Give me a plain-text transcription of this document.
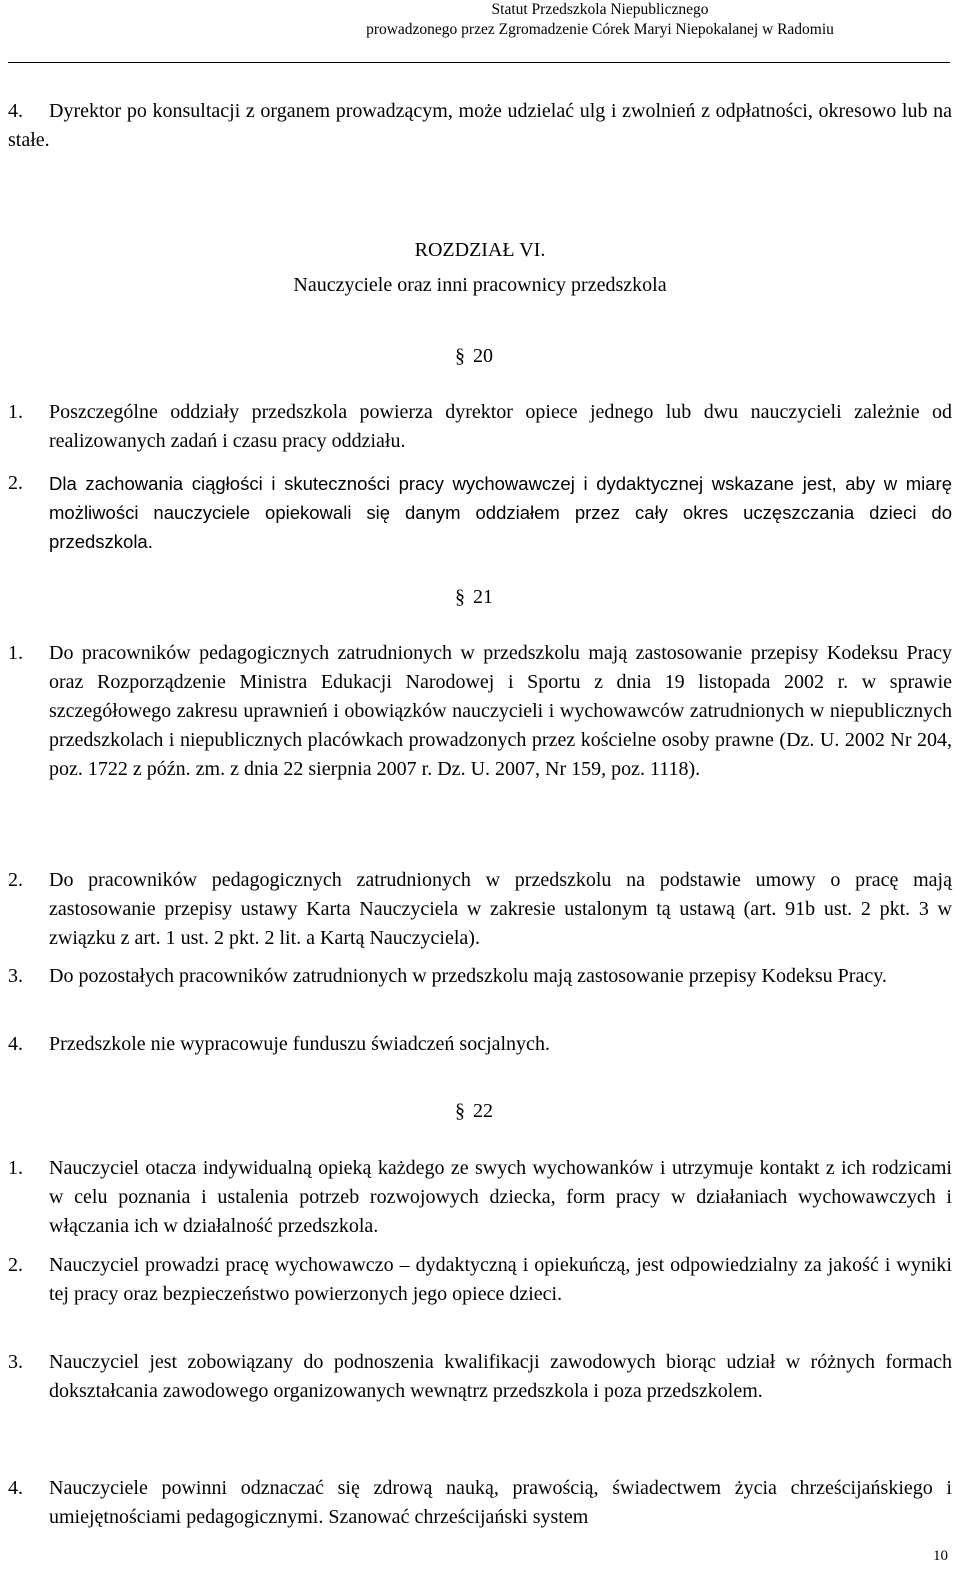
Statut Przedszkola Niepublicznego
prowadzonego przez Zgromadzenie Córek Maryi Niepokalanej w Radomiu
Dyrektor po konsultacji z organem prowadzącym, może udzielać ulg i zwolnień z odpłatności, okresowo lub na stałe.
4.
ROZDZIAŁ VI.
Nauczyciele oraz inni pracownicy przedszkola
§ 20
1.	Poszczególne oddziały przedszkola powierza dyrektor opiece jednego lub dwu nauczycieli zależnie od realizowanych zadań i czasu pracy oddziału.
2.	Dla zachowania ciągłości i skuteczności pracy wychowawczej i dydaktycznej wskazane jest, aby w miarę możliwości nauczyciele opiekowali się danym oddziałem przez cały okres uczęszczania dzieci do przedszkola.
§ 21
1.	Do pracowników pedagogicznych zatrudnionych w przedszkolu mają zastosowanie przepisy Kodeksu Pracy oraz Rozporządzenie Ministra Edukacji Narodowej i Sportu z dnia 19 listopada 2002 r. w sprawie szczegółowego zakresu uprawnień i obowiązków nauczycieli i wychowawców zatrudnionych w niepublicznych przedszkolach i niepublicznych placówkach prowadzonych przez kościelne osoby prawne (Dz. U. 2002 Nr 204, poz. 1722 z późn. zm. z dnia 22 sierpnia 2007 r. Dz. U. 2007, Nr 159, poz. 1118).
2.	Do pracowników pedagogicznych zatrudnionych w przedszkolu na podstawie umowy o pracę mają zastosowanie przepisy ustawy Karta Nauczyciela w zakresie ustalonym tą ustawą (art. 91b ust. 2 pkt. 3 w związku z art. 1 ust. 2 pkt. 2 lit. a Kartą Nauczyciela).
3.	Do pozostałych pracowników zatrudnionych w przedszkolu mają zastosowanie przepisy Kodeksu Pracy.
4.	Przedszkole nie wypracowuje funduszu świadczeń socjalnych.
§ 22
1.	Nauczyciel otacza indywidualną opieką każdego ze swych wychowanków i utrzymuje kontakt z ich rodzicami w celu poznania i ustalenia potrzeb rozwojowych dziecka, form pracy w działaniach wychowawczych i włączania ich w działalność przedszkola.
2.	Nauczyciel prowadzi pracę wychowawczo – dydaktyczną i opiekuńczą, jest odpowiedzialny za jakość i wyniki tej pracy oraz bezpieczeństwo powierzonych jego opiece dzieci.
3.	Nauczyciel jest zobowiązany do podnoszenia kwalifikacji zawodowych biorąc udział w różnych formach dokształcania zawodowego organizowanych wewnątrz przedszkola i poza przedszkolem.
4.	Nauczyciele powinni odznaczać się zdrową nauką, prawością, świadectwem życia chrześcijańskiego i umiejętnościami pedagogicznymi. Szanować chrześcijański system
10
